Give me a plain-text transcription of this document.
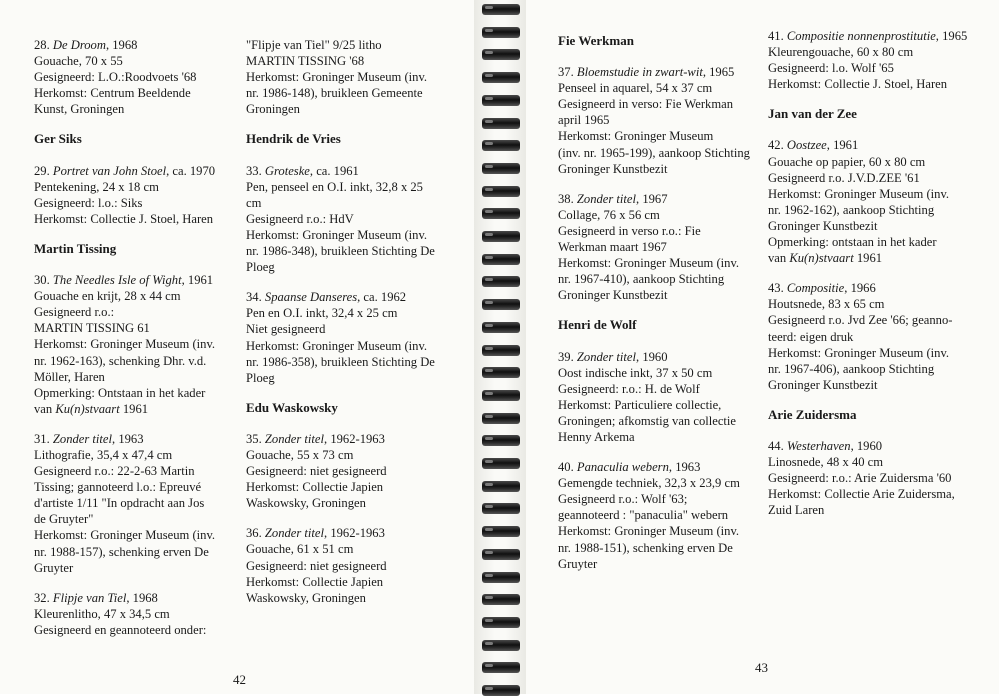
28. De Droom, 1968
Gouache, 70 x 55
Gesigneerd: L.O.:Roodvoets '68
Herkomst: Centrum Beeldende
Kunst, Groningen
Ger Siks
29. Portret van John Stoel, ca. 1970
Pentekening, 24 x 18 cm
Gesigneerd: l.o.: Siks
Herkomst: Collectie J. Stoel, Haren
Martin Tissing
30. The Needles Isle of Wight, 1961
Gouache en krijt, 28 x 44 cm
Gesigneerd r.o.:
MARTIN TISSING 61
Herkomst: Groninger Museum (inv.
nr. 1962-163), schenking Dhr. v.d.
Möller, Haren
Opmerking: Ontstaan in het kader
van Ku(n)stvaart 1961
31. Zonder titel, 1963
Lithografie, 35,4 x 47,4 cm
Gesigneerd r.o.: 22-2-63 Martin
Tissing; gannoteerd l.o.: Epreuvé
d'artiste 1/11 "In opdracht aan Jos
de Gruyter"
Herkomst: Groninger Museum (inv.
nr. 1988-157), schenking erven De
Gruyter
32. Flipje van Tiel, 1968
Kleurenlitho, 47 x 34,5 cm
Gesigneerd en geannoteerd onder:
"Flipje van Tiel" 9/25 litho
MARTIN TISSING '68
Herkomst: Groninger Museum (inv.
nr. 1986-148), bruikleen Gemeente
Groningen
Hendrik de Vries
33. Groteske, ca. 1961
Pen, penseel en O.I. inkt, 32,8 x 25
cm
Gesigneerd r.o.: HdV
Herkomst: Groninger Museum (inv.
nr. 1986-348), bruikleen Stichting De
Ploeg
34. Spaanse Danseres, ca. 1962
Pen en O.I. inkt, 32,4 x 25 cm
Niet gesigneerd
Herkomst: Groninger Museum (inv.
nr. 1986-358), bruikleen Stichting De
Ploeg
Edu Waskowsky
35. Zonder titel, 1962-1963
Gouache, 55 x 73 cm
Gesigneerd: niet gesigneerd
Herkomst: Collectie Japien
Waskowsky, Groningen
36. Zonder titel, 1962-1963
Gouache, 61 x 51 cm
Gesigneerd: niet gesigneerd
Herkomst: Collectie Japien
Waskowsky, Groningen
42
Fie Werkman
37. Bloemstudie in zwart-wit, 1965
Penseel in aquarel, 54 x 37 cm
Gesigneerd in verso: Fie Werkman
april 1965
Herkomst: Groninger Museum
(inv. nr. 1965-199), aankoop Stichting
Groninger Kunstbezit
38. Zonder titel, 1967
Collage, 76 x 56 cm
Gesigneerd in verso r.o.: Fie
Werkman maart 1967
Herkomst: Groninger Museum (inv.
nr. 1967-410), aankoop Stichting
Groninger Kunstbezit
Henri de Wolf
39. Zonder titel, 1960
Oost indische inkt, 37 x 50 cm
Gesigneerd: r.o.: H. de Wolf
Herkomst: Particuliere collectie,
Groningen; afkomstig van collectie
Henny Arkema
40. Panaculia webern, 1963
Gemengde techniek, 32,3 x 23,9 cm
Gesigneerd r.o.: Wolf '63;
geannoteerd : "panaculia" webern
Herkomst: Groninger Museum (inv.
nr. 1988-151), schenking erven De
Gruyter
41. Compositie nonnenprostitutie, 1965
Kleurengouache, 60 x 80 cm
Gesigneerd: l.o. Wolf '65
Herkomst: Collectie J. Stoel, Haren
Jan van der Zee
42. Oostzee, 1961
Gouache op papier, 60 x 80 cm
Gesigneerd r.o. J.V.D.ZEE '61
Herkomst: Groninger Museum (inv.
nr. 1962-162), aankoop Stichting
Groninger Kunstbezit
Opmerking: ontstaan in het kader
van Ku(n)stvaart 1961
43. Compositie, 1966
Houtsnede, 83 x 65 cm
Gesigneerd r.o. Jvd Zee '66; geanno-
teerd: eigen druk
Herkomst: Groninger Museum (inv.
nr. 1967-406), aankoop Stichting
Groninger Kunstbezit
Arie Zuidersma
44. Westerhaven, 1960
Linosnede, 48 x 40 cm
Gesigneerd: r.o.: Arie Zuidersma '60
Herkomst: Collectie Arie Zuidersma,
Zuid Laren
43
